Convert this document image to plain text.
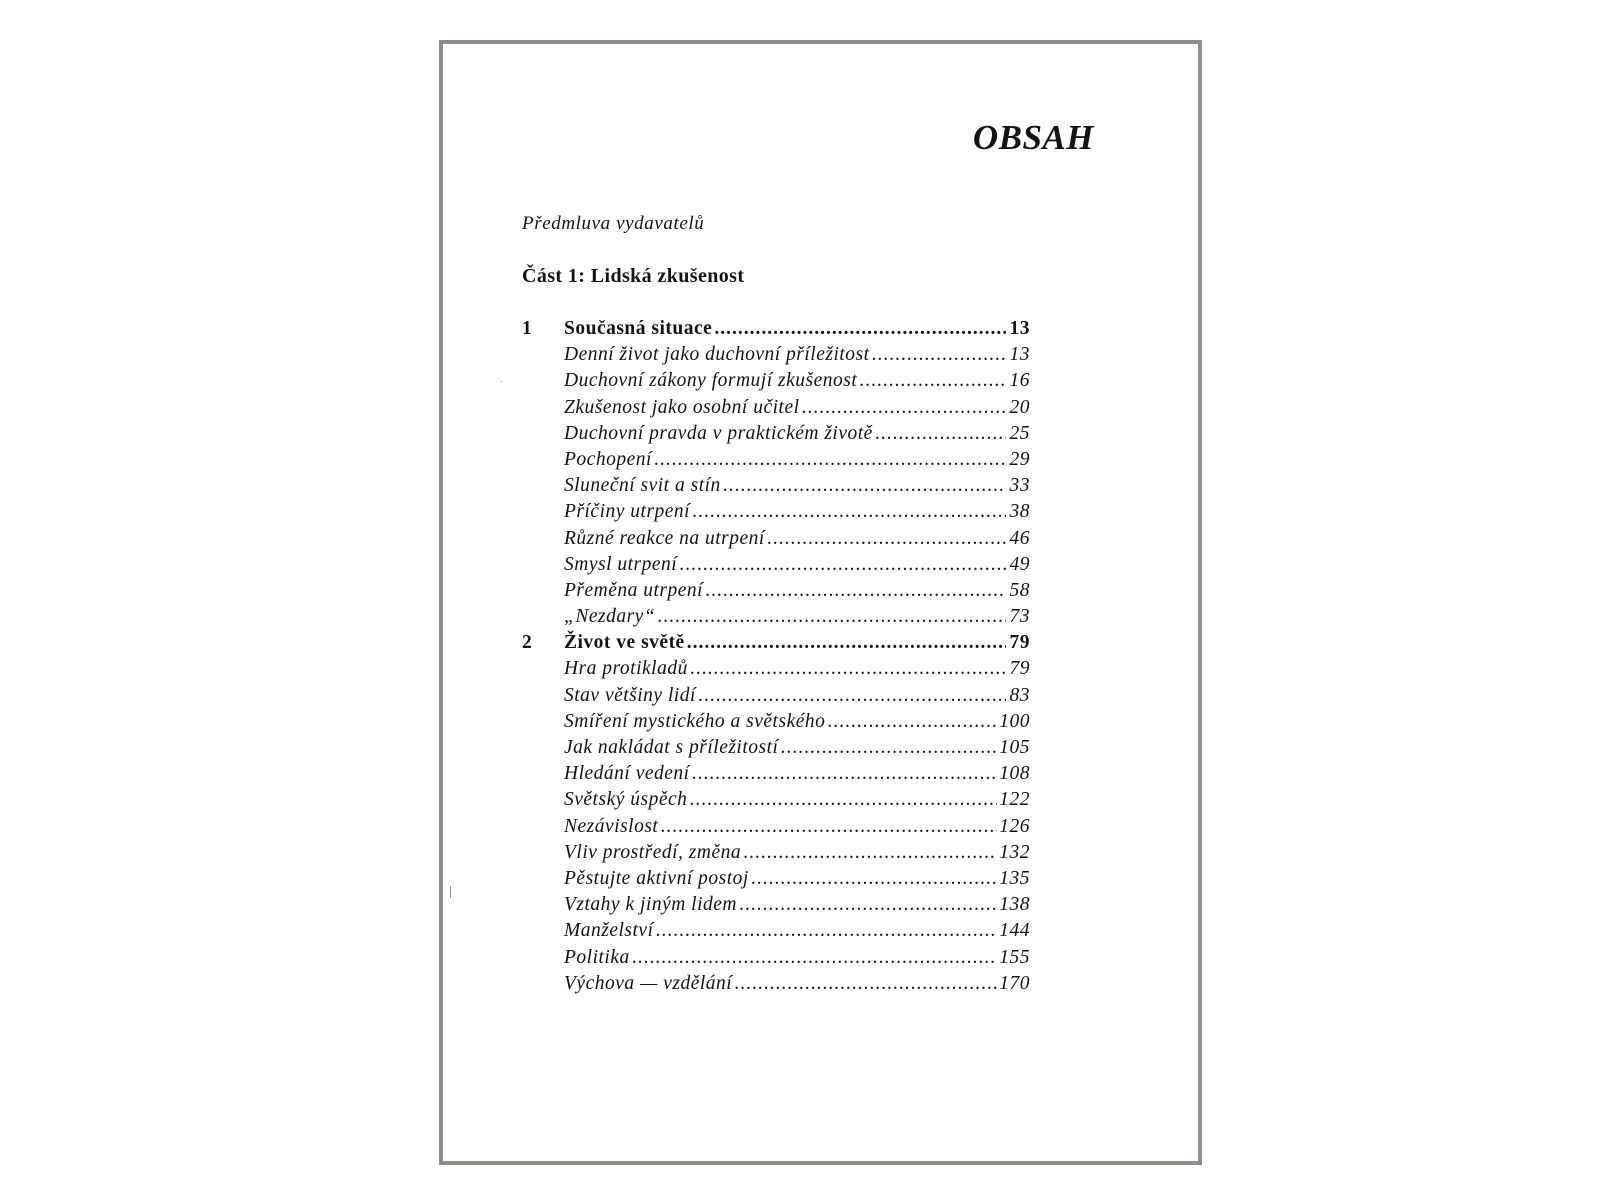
OBSAH
Předmluva vydavatelů
Část 1: Lidská zkušenost
1	Současná situace .....	13
Denní život jako duchovní příležitost .....	13
Duchovní zákony formují zkušenost .....	16
Zkušenost jako osobní učitel .....	20
Duchovní pravda v praktickém životě .....	25
Pochopení .....	29
Sluneční svit a stín .....	33
Příčiny utrpení .....	38
Různé reakce na utrpení .....	46
Smysl utrpení .....	49
Přeměna utrpení .....	58
„Nezdary“ .....	73
2	Život ve světě .....	79
Hra protikladů .....	79
Stav většiny lidí .....	83
Smíření mystického a světského .....	100
Jak nakládat s příležitostí .....	105
Hledání vedení .....	108
Světský úspěch .....	122
Nezávislost .....	126
Vliv prostředí, změna .....	132
Pěstujte aktivní postoj .....	135
Vztahy k jiným lidem .....	138
Manželství .....	144
Politika .....	155
Výchova — vzdělání .....	170
